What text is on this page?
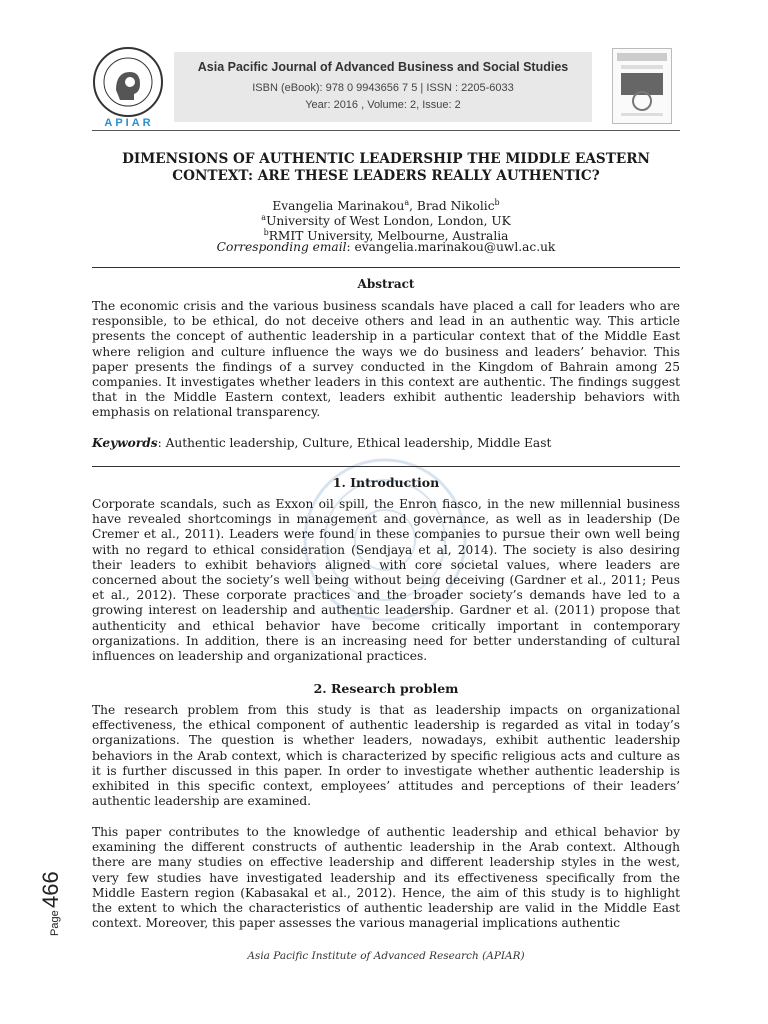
APIAR
Asia Pacific Journal of Advanced Business and Social Studies
ISBN (eBook): 978 0 9943656 7 5 | ISSN : 2205-6033
Year: 2016 , Volume: 2, Issue: 2
DIMENSIONS OF AUTHENTIC LEADERSHIP THE MIDDLE EASTERN
CONTEXT: ARE THESE LEADERS REALLY AUTHENTIC?
Evangelia Marinakou$^a$, Brad Nikolic$^b$
$^a$University of West London, London, UK
$^b$RMIT University, Melbourne, Australia
Corresponding email: evangelia.marinakou@uwl.ac.uk
Abstract
The economic crisis and the various business scandals have placed a call for leaders who are
responsible, to be ethical, do not deceive others and lead in an authentic way. This article
presents the concept of authentic leadership in a particular context that of the Middle East
where religion and culture influence the ways we do business and leaders’ behavior. This
paper presents the findings of a survey conducted in the Kingdom of Bahrain among 25
companies. It investigates whether leaders in this context are authentic. The findings suggest
that in the Middle Eastern context, leaders exhibit authentic leadership behaviors with
emphasis on relational transparency.
Keywords: Authentic leadership, Culture, Ethical leadership, Middle East
1. Introduction
Corporate scandals, such as Exxon oil spill, the Enron fiasco, in the new millennial business
have revealed shortcomings in management and governance, as well as in leadership (De
Cremer et al., 2011). Leaders were found in these companies to pursue their own well being
with no regard to ethical consideration (Sendjaya et al, 2014). The society is also desiring
their leaders to exhibit behaviors aligned with core societal values, where leaders are
concerned about the society’s well being without being deceiving (Gardner et al., 2011; Peus
et al., 2012). These corporate practices and the broader society’s demands have led to a
growing interest on leadership and authentic leadership. Gardner et al. (2011) propose that
authenticity and ethical behavior have become critically important in contemporary
organizations. In addition, there is an increasing need for better understanding of cultural
influences on leadership and organizational practices.
2. Research problem
The research problem from this study is that as leadership impacts on organizational
effectiveness, the ethical component of authentic leadership is regarded as vital in today’s
organizations. The question is whether leaders, nowadays, exhibit authentic leadership
behaviors in the Arab context, which is characterized by specific religious acts and culture as
it is further discussed in this paper. In order to investigate whether authentic leadership is
exhibited in this specific context, employees’ attitudes and perceptions of their leaders’
authentic leadership are examined.
This paper contributes to the knowledge of authentic leadership and ethical behavior by
examining the different constructs of authentic leadership in the Arab context. Although
there are many studies on effective leadership and different leadership styles in the west,
very few studies have investigated leadership and its effectiveness specifically from the
Middle Eastern region (Kabasakal et al., 2012). Hence, the aim of this study is to highlight
the extent to which the characteristics of authentic leadership are valid in the Middle East
context. Moreover, this paper assesses the various managerial implications authentic
Page
466
Asia Pacific Institute of Advanced Research (APIAR)
